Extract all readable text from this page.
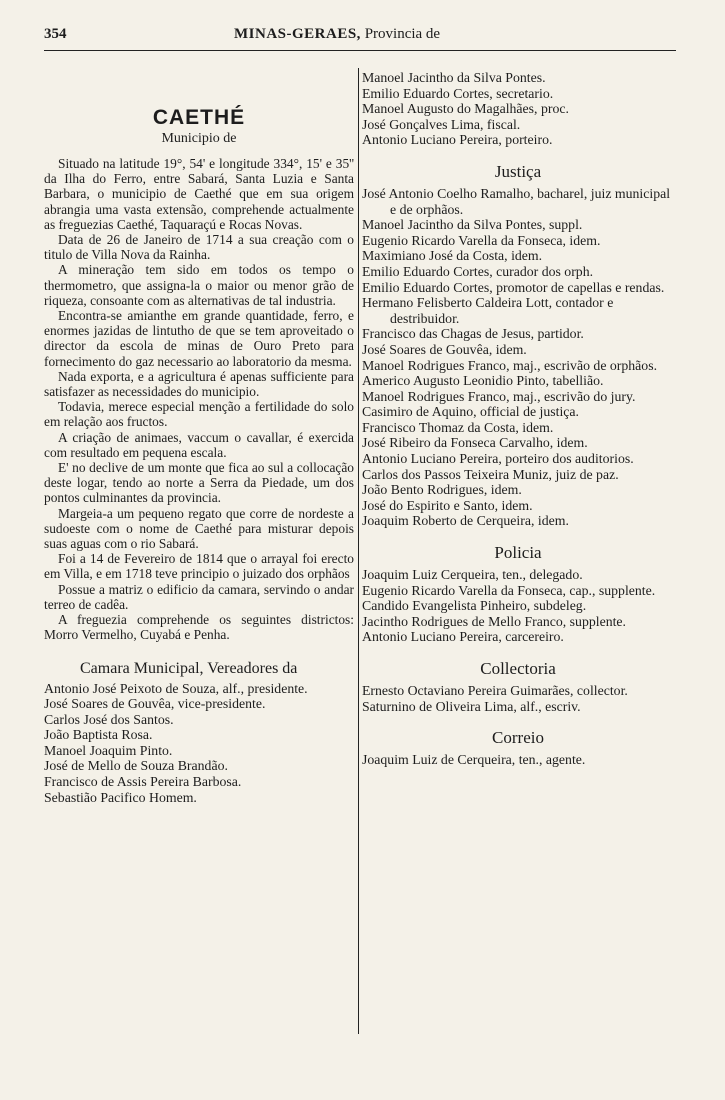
354	MINAS-GERAES, Provincia de
CAETHÉ
Municipio de

Situado na latitude 19°, 54' e longitude 334°, 15' e 35'' da Ilha do Ferro, entre Sabará, Santa Luzia e Santa Barbara, o municipio de Caethé que em sua origem abrangia uma vasta extensão, comprehende actualmente as freguezias Caethé, Taquaraçú e Rocas Novas.

Data de 26 de Janeiro de 1714 a sua creação com o titulo de Villa Nova da Rainha.

A mineração tem sido em todos os tempo o thermometro, que assigna-la o maior ou menor grão de riqueza, consoante com as alternativas de tal industria.

Encontra-se amianthe em grande quantidade, ferro, e enormes jazidas de lintutho de que se tem aproveitado o director da escola de minas de Ouro Preto para fornecimento do gaz necessario ao laboratorio da mesma.

Nada exporta, e a agricultura é apenas sufficiente para satisfazer as necessidades do municipio.

Todavia, merece especial menção a fertilidade do solo em relação aos fructos.

A criação de animaes, vaccum o cavallar, é exercida com resultado em pequena escala.

E' no declive de um monte que fica ao sul a collocação deste logar, tendo ao norte a Serra da Piedade, um dos pontos culminantes da provincia.

Margeia-a um pequeno regato que corre de nordeste a sudoeste com o nome de Caethé para misturar depois suas aguas com o rio Sabará.

Foi a 14 de Fevereiro de 1814 que o arrayal foi erecto em Villa, e em 1718 teve principio o juizado dos orphãos

Possue a matriz o edificio da camara, servindo o andar terreo de cadêa.

A freguezia comprehende os seguintes districtos: Morro Vermelho, Cuyabá e Penha.

Camara Municipal, Vereadores da

Antonio José Peixoto de Souza, alf., presidente.

José Soares de Gouvêa, vice-presidente.

Carlos José dos Santos.

João Baptista Rosa.

Manoel Joaquim Pinto.

José de Mello de Souza Brandão.

Francisco de Assis Pereira Barbosa.

Sebastião Pacifico Homem.

Manoel Jacintho da Silva Pontes.

Emilio Eduardo Cortes, secretario.

Manoel Augusto do Magalhães, proc.

José Gonçalves Lima, fiscal.

Antonio Luciano Pereira, porteiro.

Justiça

José Antonio Coelho Ramalho, bacharel, juiz municipal e de orphãos.

Manoel Jacintho da Silva Pontes, suppl.

Eugenio Ricardo Varella da Fonseca, idem.

Maximiano José da Costa, idem.

Emilio Eduardo Cortes, curador dos orph.

Emilio Eduardo Cortes, promotor de capellas e rendas.

Hermano Felisberto Caldeira Lott, contador e destribuidor.

Francisco das Chagas de Jesus, partidor.

José Soares de Gouvêa, idem.

Manoel Rodrigues Franco, maj., escrivão de orphãos.

Americo Augusto Leonidio Pinto, tabellião.

Manoel Rodrigues Franco, maj., escrivão do jury.

Casimiro de Aquino, official de justiça.

Francisco Thomaz da Costa, idem.

José Ribeiro da Fonseca Carvalho, idem.

Antonio Luciano Pereira, porteiro dos auditorios.

Carlos dos Passos Teixeira Muniz, juiz de paz.

João Bento Rodrigues, idem.

José do Espirito e Santo, idem.

Joaquim Roberto de Cerqueira, idem.

Policia

Joaquim Luiz Cerqueira, ten., delegado.

Eugenio Ricardo Varella da Fonseca, cap., supplente.

Candido Evangelista Pinheiro, subdeleg.

Jacintho Rodrigues de Mello Franco, supplente.

Antonio Luciano Pereira, carcereiro.

Collectoria

Ernesto Octaviano Pereira Guimarães, collector.

Saturnino de Oliveira Lima, alf., escriv.

Correio

Joaquim Luiz de Cerqueira, ten., agente.
